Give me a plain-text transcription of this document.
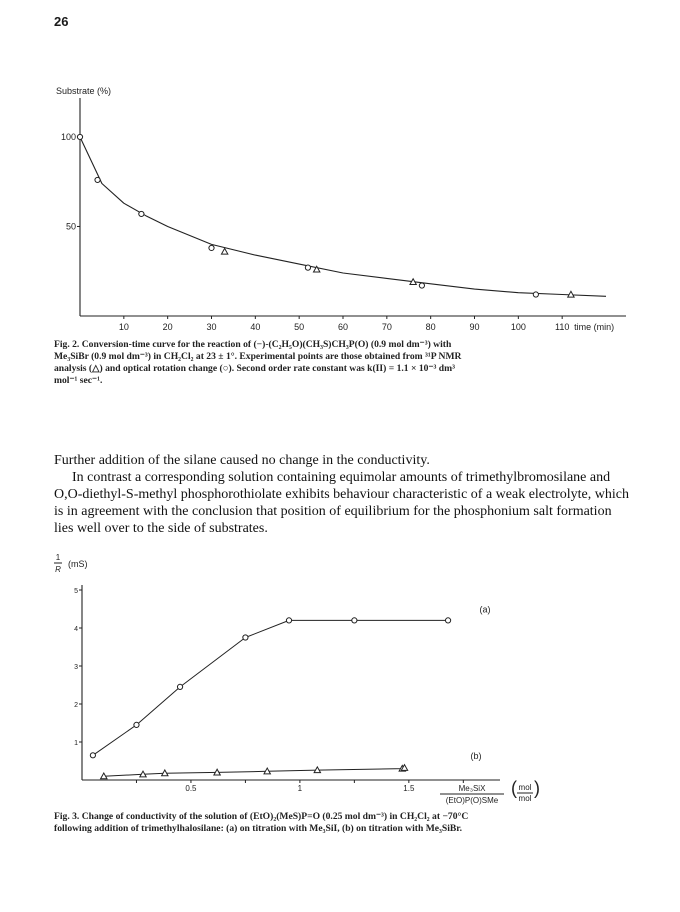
26
Substrate (%)
100
50
10	20	30	40	50	60	70	80	90	100	110 time (min)
Fig. 2. Conversion-time curve for the reaction of (−)-(C₂H₅O)(CH₃S)CH₃P(O) (0.9 mol dm⁻³) with
Me₃SiBr (0.9 mol dm⁻³) in CH₂Cl₂ at 23 ± 1°. Experimental points are those obtained from ³¹P NMR
analysis (△) and optical rotation change (○). Second order rate constant was k(II) = 1.1 × 10⁻³ dm³
mol⁻¹ sec⁻¹.

Further addition of the silane caused no change in the conductivity.

In contrast a corresponding solution containing equimolar amounts of trimethylbromosilane and O,O-diethyl-S-methyl phosphorothiolate exhibits behaviour characteristic of a weak electrolyte, which is in agreement with the conclusion that position of equilibrium for the phosphonium salt formation lies well over to the side of substrates.

1
R
(mS)
5
4
3
2
1
0.5	1	1.5	Me₃SiX
(EtO)P(O)SMe
( mol
mol
)
(a)
(b)
Fig. 3. Change of conductivity of the solution of (EtO)₂(MeS)P=O (0.25 mol dm⁻³) in CH₂Cl₂ at −70°C
following addition of trimethylhalosilane: (a) on titration with Me₃SiI, (b) on titration with Me₃SiBr.
